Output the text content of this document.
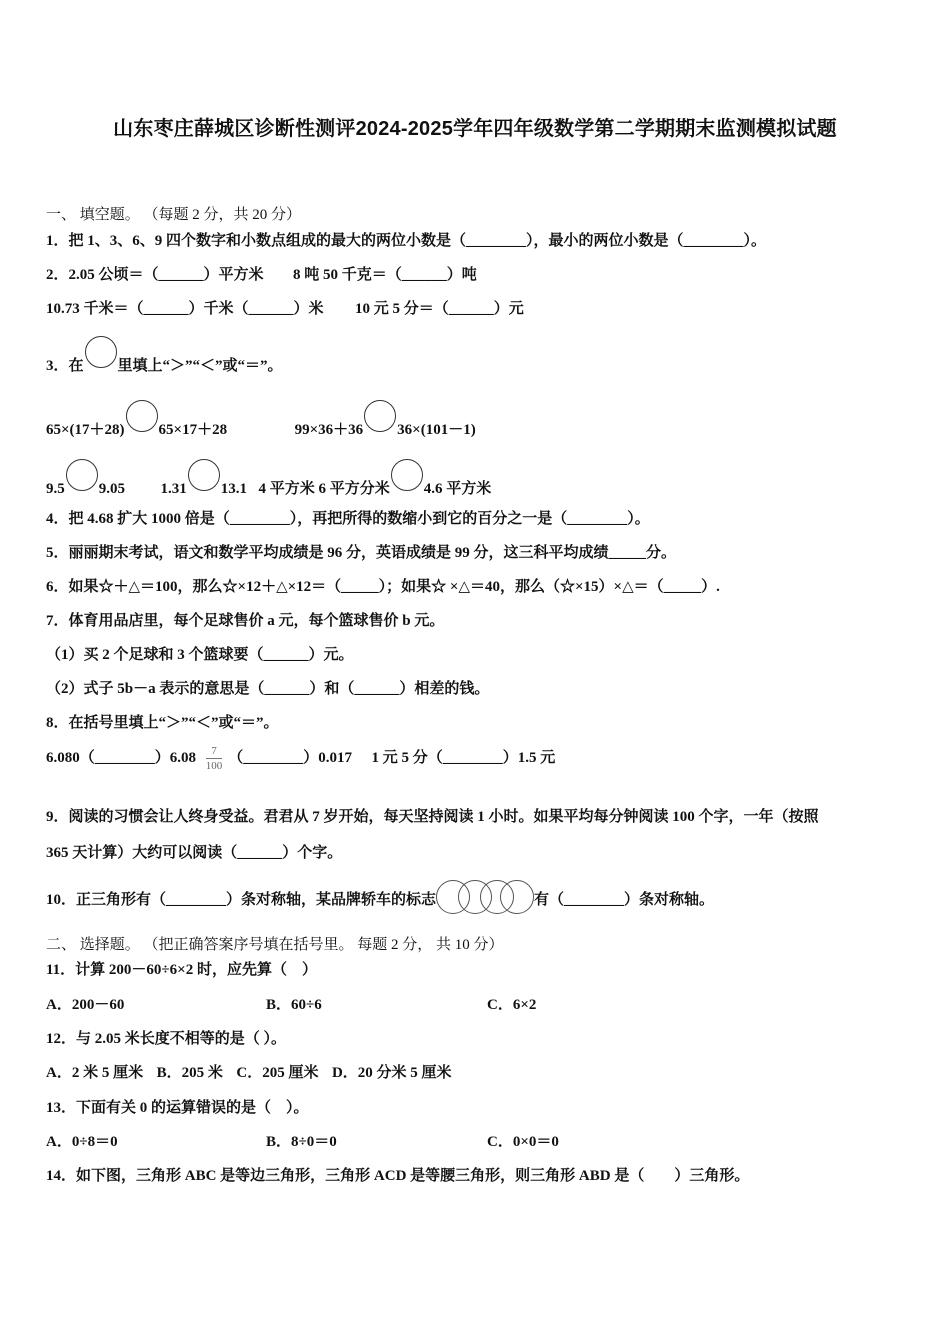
山东枣庄薛城区诊断性测评2024-2025学年四年级数学第二学期期末监测模拟试题
一、 填空题。 （每题 2 分，共 20 分）
1．把 1、3、6、9 四个数字和小数点组成的最大的两位小数是（________），最小的两位小数是（________）。
2．2.05 公顷＝（______）平方米 8 吨 50 千克＝（______）吨
10.73 千米＝（______）千米（______）米 10 元 5 分＝（______）元
3．在 里填上“＞”“＜”或“＝”。
65×(17＋28) 65×17＋28	99×36＋36 36×(101－1)
9.5 9.05 1.31 13.1 4 平方米 6 平方分米 4.6 平方米
4．把 4.68 扩大 1000 倍是（________），再把所得的数缩小到它的百分之一是（________）。
5．丽丽期末考试，语文和数学平均成绩是 96 分，英语成绩是 99 分，这三科平均成绩_____分。
6．如果☆＋△＝100，那么☆×12＋△×12＝（_____）；如果☆ ×△＝40，那么（☆×15）×△＝（_____）.
7．体育用品店里，每个足球售价 a 元，每个篮球售价 b 元。
（1）买 2 个足球和 3 个篮球要（______）元。
（2）式子 5b－a 表示的意思是（______）和（______）相差的钱。
8．在括号里填上“＞”“＜”或“＝”。
6.080（________）6.08 $\frac{7}{100}$ （________）0.017 1 元 5 分（________）1.5 元
9．阅读的习惯会让人终身受益。君君从 7 岁开始，每天坚持阅读 1 小时。如果平均每分钟阅读 100 个字，一年（按照
365 天计算）大约可以阅读（______）个字。
10．正三角形有（________）条对称轴，某品牌轿车的标志	有（________）条对称轴。
二、 选择题。 （把正确答案序号填在括号里。 每题 2 分， 共 10 分）
11．计算 200－60÷6×2 时，应先算（　）
A．200－60	B．60÷6	C．6×2
12．与 2.05 米长度不相等的是（ ）。
A．2 米 5 厘米 B．205 米 C．205 厘米 D．20 分米 5 厘米
13．下面有关 0 的运算错误的是（　）。
A．0÷8＝0	B．8÷0＝0	C．0×0＝0
14．如下图，三角形 ABC 是等边三角形，三角形 ACD 是等腰三角形，则三角形 ABD 是（　　）三角形。
